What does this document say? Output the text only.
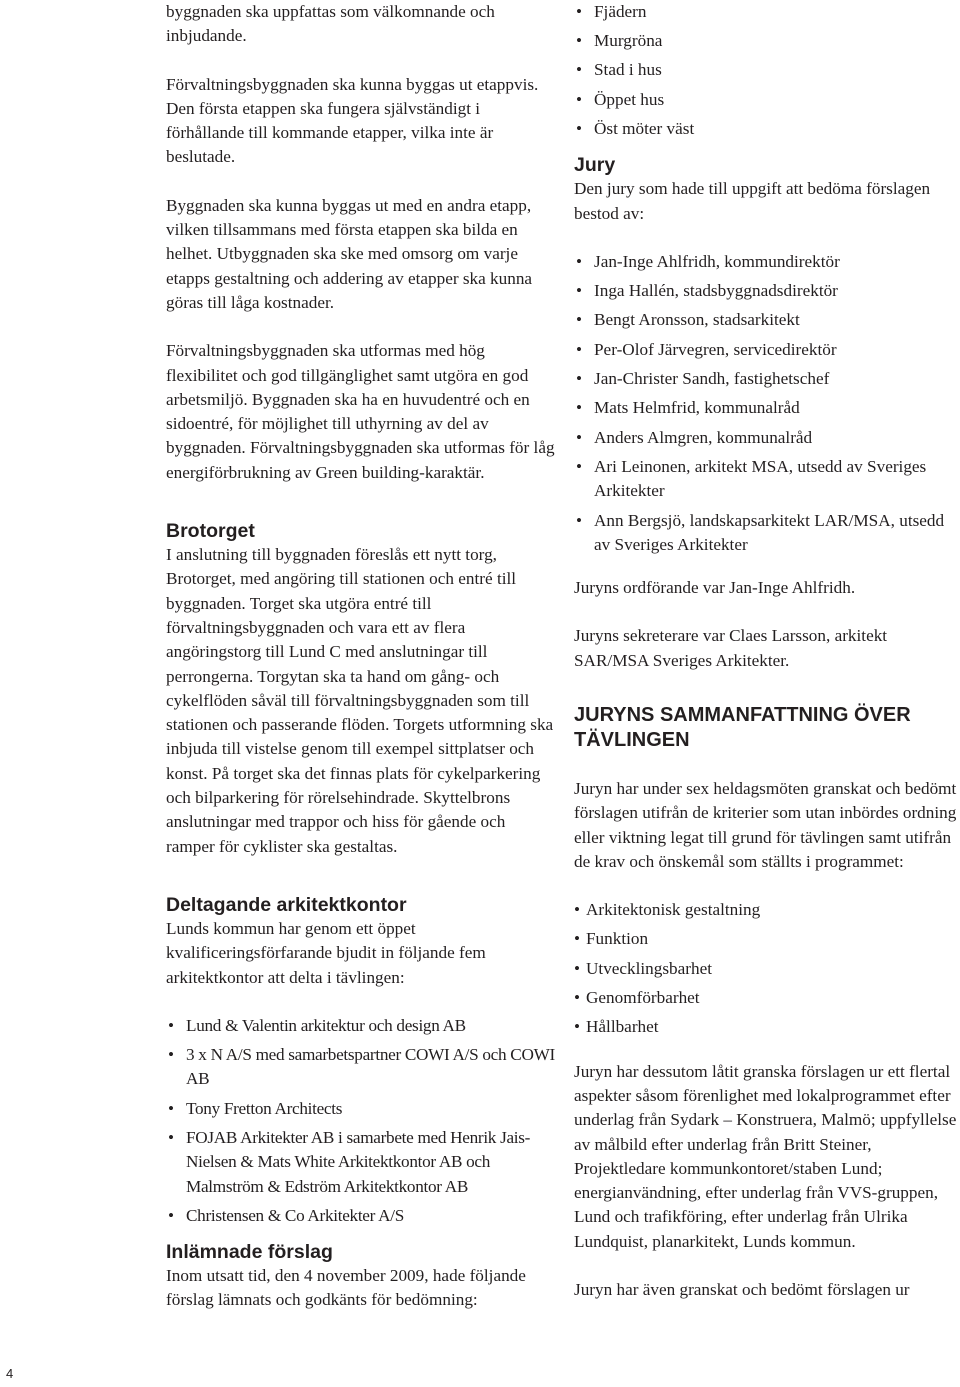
byggnaden ska uppfattas som välkomnande och inbjudande.

Förvaltningsbyggnaden ska kunna byggas ut etappvis. Den första etappen ska fungera självständigt i förhållande till kommande etapper, vilka inte är beslutade.

Byggnaden ska kunna byggas ut med en andra etapp, vilken tillsammans med första etappen ska bilda en helhet. Utbyggnaden ska ske med omsorg om varje etapps gestaltning och addering av etapper ska kunna göras till låga kostnader.

Förvaltningsbyggnaden ska utformas med hög flexibilitet och god tillgänglighet samt utgöra en god arbetsmiljö. Byggnaden ska ha en huvudentré och en sidoentré, för möjlighet till uthyrning av del av byggnaden. Förvaltningsbyggnaden ska utformas för låg energiförbrukning av Green building-karaktär.

Brotorget

I anslutning till byggnaden föreslås ett nytt torg, Brotorget, med angöring till stationen och entré till byggnaden. Torget ska utgöra entré till förvaltningsbyggnaden och vara ett av flera angöringstorg till Lund C med anslutningar till perrongerna. Torgytan ska ta hand om gång- och cykelflöden såväl till förvaltningsbyggnaden som till stationen och passerande flöden. Torgets utformning ska inbjuda till vistelse genom till exempel sittplatser och konst. På torget ska det finnas plats för cykelparkering och bilparkering för rörelsehindrade. Skyttelbrons anslutningar med trappor och hiss för gående och ramper för cyklister ska gestaltas.

Deltagande arkitektkontor

Lunds kommun har genom ett öppet kvalificeringsförfarande bjudit in följande fem arkitektkontor att delta i tävlingen:

• Lund & Valentin arkitektur och design AB
• 3 x N A/S med samarbetspartner COWI A/S och COWI AB
• Tony Fretton Architects
• FOJAB Arkitekter AB i samarbete med Henrik Jais-Nielsen & Mats White Arkitektkontor AB och Malmström & Edström Arkitektkontor AB
• Christensen & Co Arkitekter A/S
Inlämnade förslag

Inom utsatt tid, den 4 november 2009, hade följande förslag lämnats och godkänts för bedömning:

• Fjädern
• Murgröna
• Stad i hus
• Öppet hus
• Öst möter väst
Jury

Den jury som hade till uppgift att bedöma förslagen bestod av:

• Jan-Inge Ahlfridh, kommundirektör
• Inga Hallén, stadsbyggnadsdirektör
• Bengt Aronsson, stadsarkitekt
• Per-Olof Järvegren, servicedirektör
• Jan-Christer Sandh, fastighetschef
• Mats Helmfrid, kommunalråd
• Anders Almgren, kommunalråd
• Ari Leinonen, arkitekt MSA, utsedd av Sveriges Arkitekter
• Ann Bergsjö, landskapsarkitekt LAR/MSA, utsedd av Sveriges Arkitekter

Juryns ordförande var Jan-Inge Ahlfridh.

Juryns sekreterare var Claes Larsson, arkitekt SAR/MSA Sveriges Arkitekter.

JURYNS SAMMANFATTNING ÖVER TÄVLINGEN

Juryn har under sex heldagsmöten granskat och bedömt förslagen utifrån de kriterier som utan inbördes ordning eller viktning legat till grund för tävlingen samt utifrån de krav och önskemål som ställts i programmet:

• Arkitektonisk gestaltning
• Funktion
• Utvecklingsbarhet
• Genomförbarhet
• Hållbarhet

Juryn har dessutom låtit granska förslagen ur ett flertal aspekter såsom förenlighet med lokalprogrammet efter underlag från Sydark – Konstruera, Malmö; uppfyllelse av målbild efter underlag från Britt Steiner, Projektledare kommunkontoret/staben Lund; energianvändning, efter underlag från VVS-gruppen, Lund och trafikföring, efter underlag från Ulrika Lundquist, planarkitekt, Lunds kommun.

Juryn har även granskat och bedömt förslagen ur

4
